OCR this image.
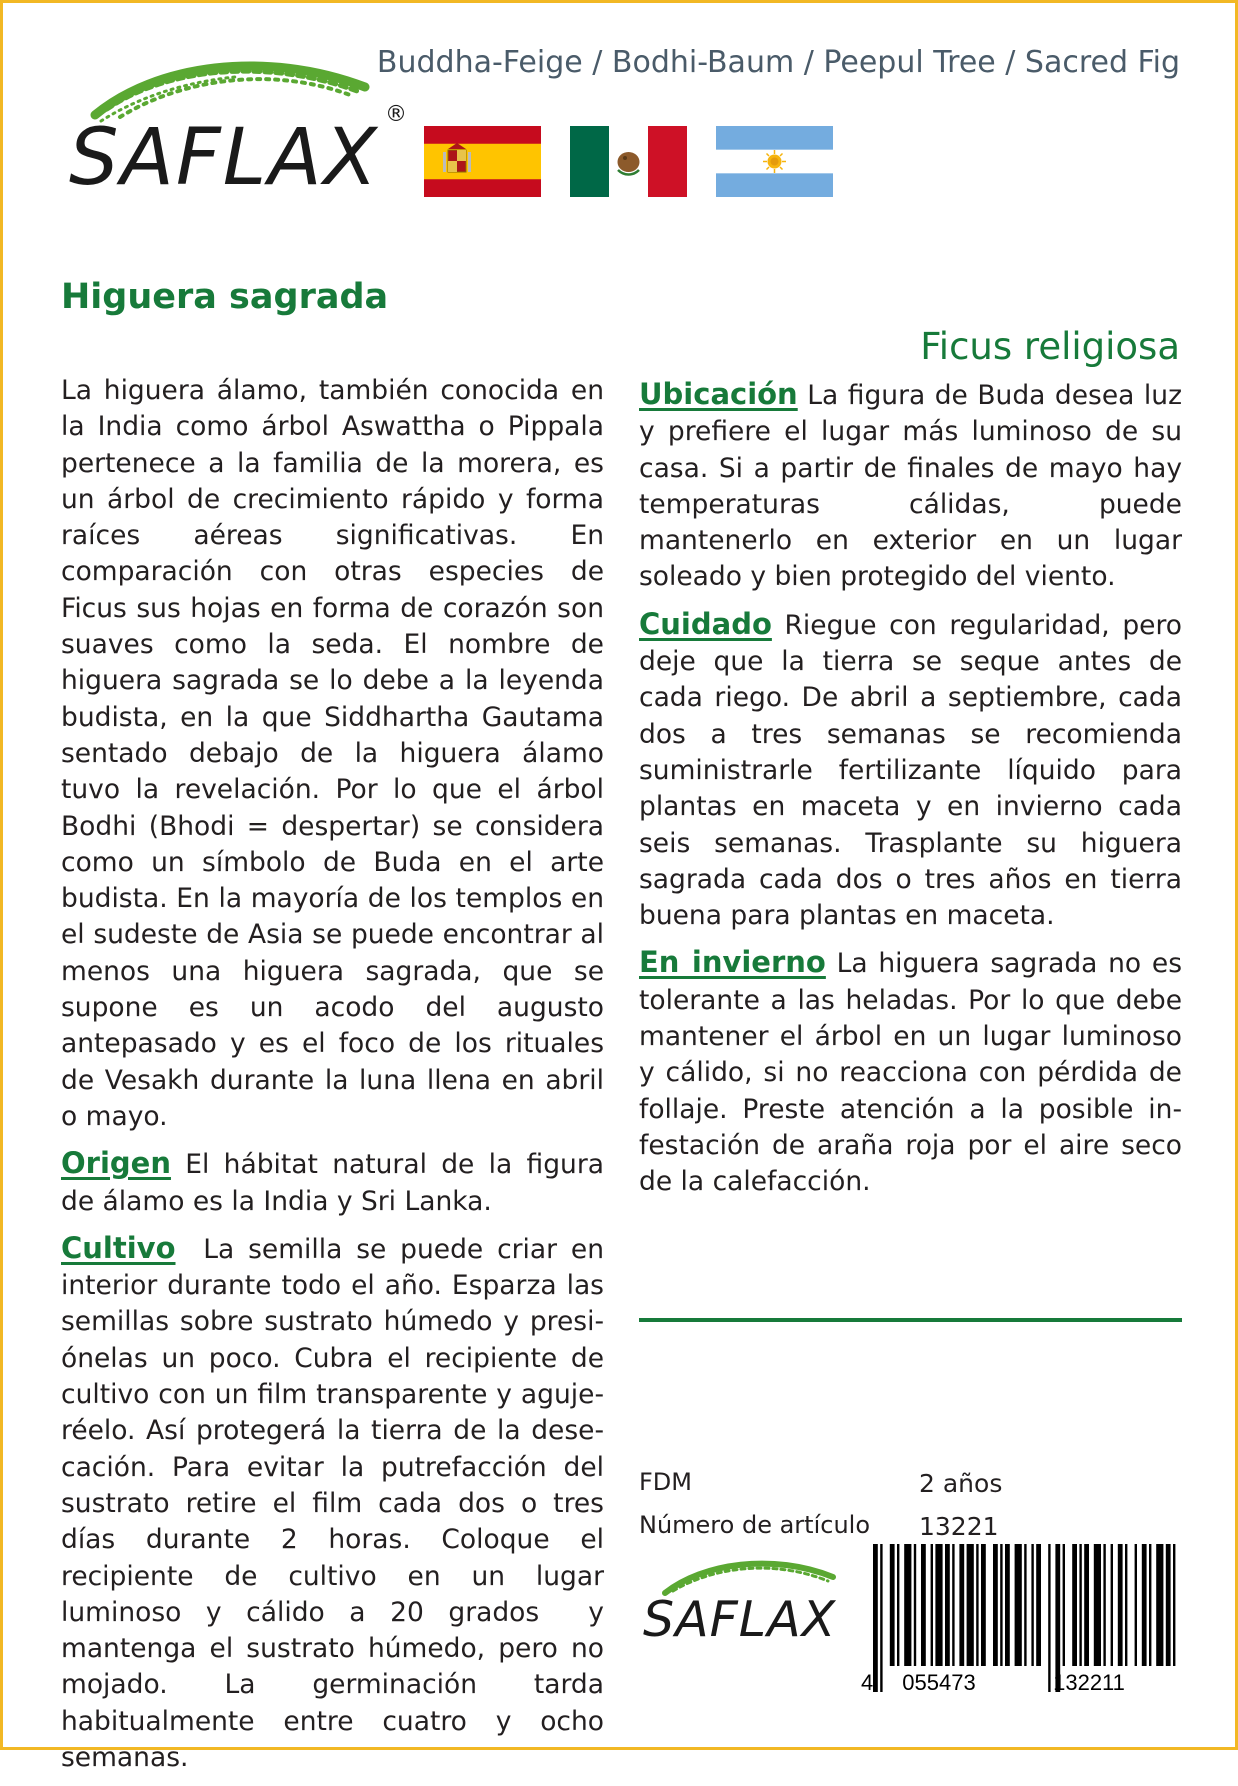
SAFLAX ®
Buddha-Feige / Bodhi-Baum / Peepul Tree / Sacred Fig
Higuera sagrada
Ficus religiosa

La higuera álamo, también conocida en la India como árbol Aswattha o Pippala pertenece a la familia de la morera, es un árbol de crecimiento rápido y forma raíces aéreas significativas. En comparación con otras especies de Ficus sus hojas en forma de corazón son suaves como la seda. El nombre de higuera sagrada se lo debe a la leyenda budista, en la que Siddhartha Gautama sentado debajo de la higuera álamo tuvo la revelación. Por lo que el árbol Bodhi (Bhodi = despertar) se considera como un símbolo de Buda en el arte budista. En la mayoría de los templos en el sudeste de Asia se puede encontrar al menos una higuera sagrada, que se supone es un acodo del augusto antepasado y es el foco de los rituales de Vesakh durante la luna llena en abril o mayo.

Origen El hábitat natural de la figura de álamo es la India y Sri Lanka.

Cultivo  La semilla se puede criar en interior durante todo el año. Esparza las semillas sobre sustrato húmedo y presiónelas un poco. Cubra el recipiente de cultivo con un film transparente y agujeréelo. Así protegerá la tierra de la desecación. Para evitar la putrefacción del sustrato retire el film cada dos o tres días durante 2 horas. Coloque el recipiente de cultivo en un lugar luminoso y cálido a 20 grados  y mantenga el sustrato húmedo, pero no mojado. La germinación tarda habitualmente entre cuatro y ocho semanas.

Ubicación La figura de Buda desea luz y prefiere el lugar más luminoso de su casa. Si a partir de finales de mayo hay temperaturas cálidas, puede mantenerlo en exterior en un lugar soleado y bien protegido del viento.

Cuidado Riegue con regularidad, pero deje que la tierra se seque antes de cada riego. De abril a septiembre, cada dos a tres semanas se recomienda suministrarle fertilizante líquido para plantas en maceta y en invierno cada seis semanas. Trasplante su higuera sagrada cada dos o tres años en tierra buena para plantas en maceta.

En invierno La higuera sagrada no es tolerante a las heladas. Por lo que debe mantener el árbol en un lugar luminoso y cálido, si no reacciona con pérdida de follaje. Preste atención a la posible infestación de araña roja por el aire seco de la calefacción.

FDM	2 años
Número de artículo 13221
SAFLAX
4 055473	132211
